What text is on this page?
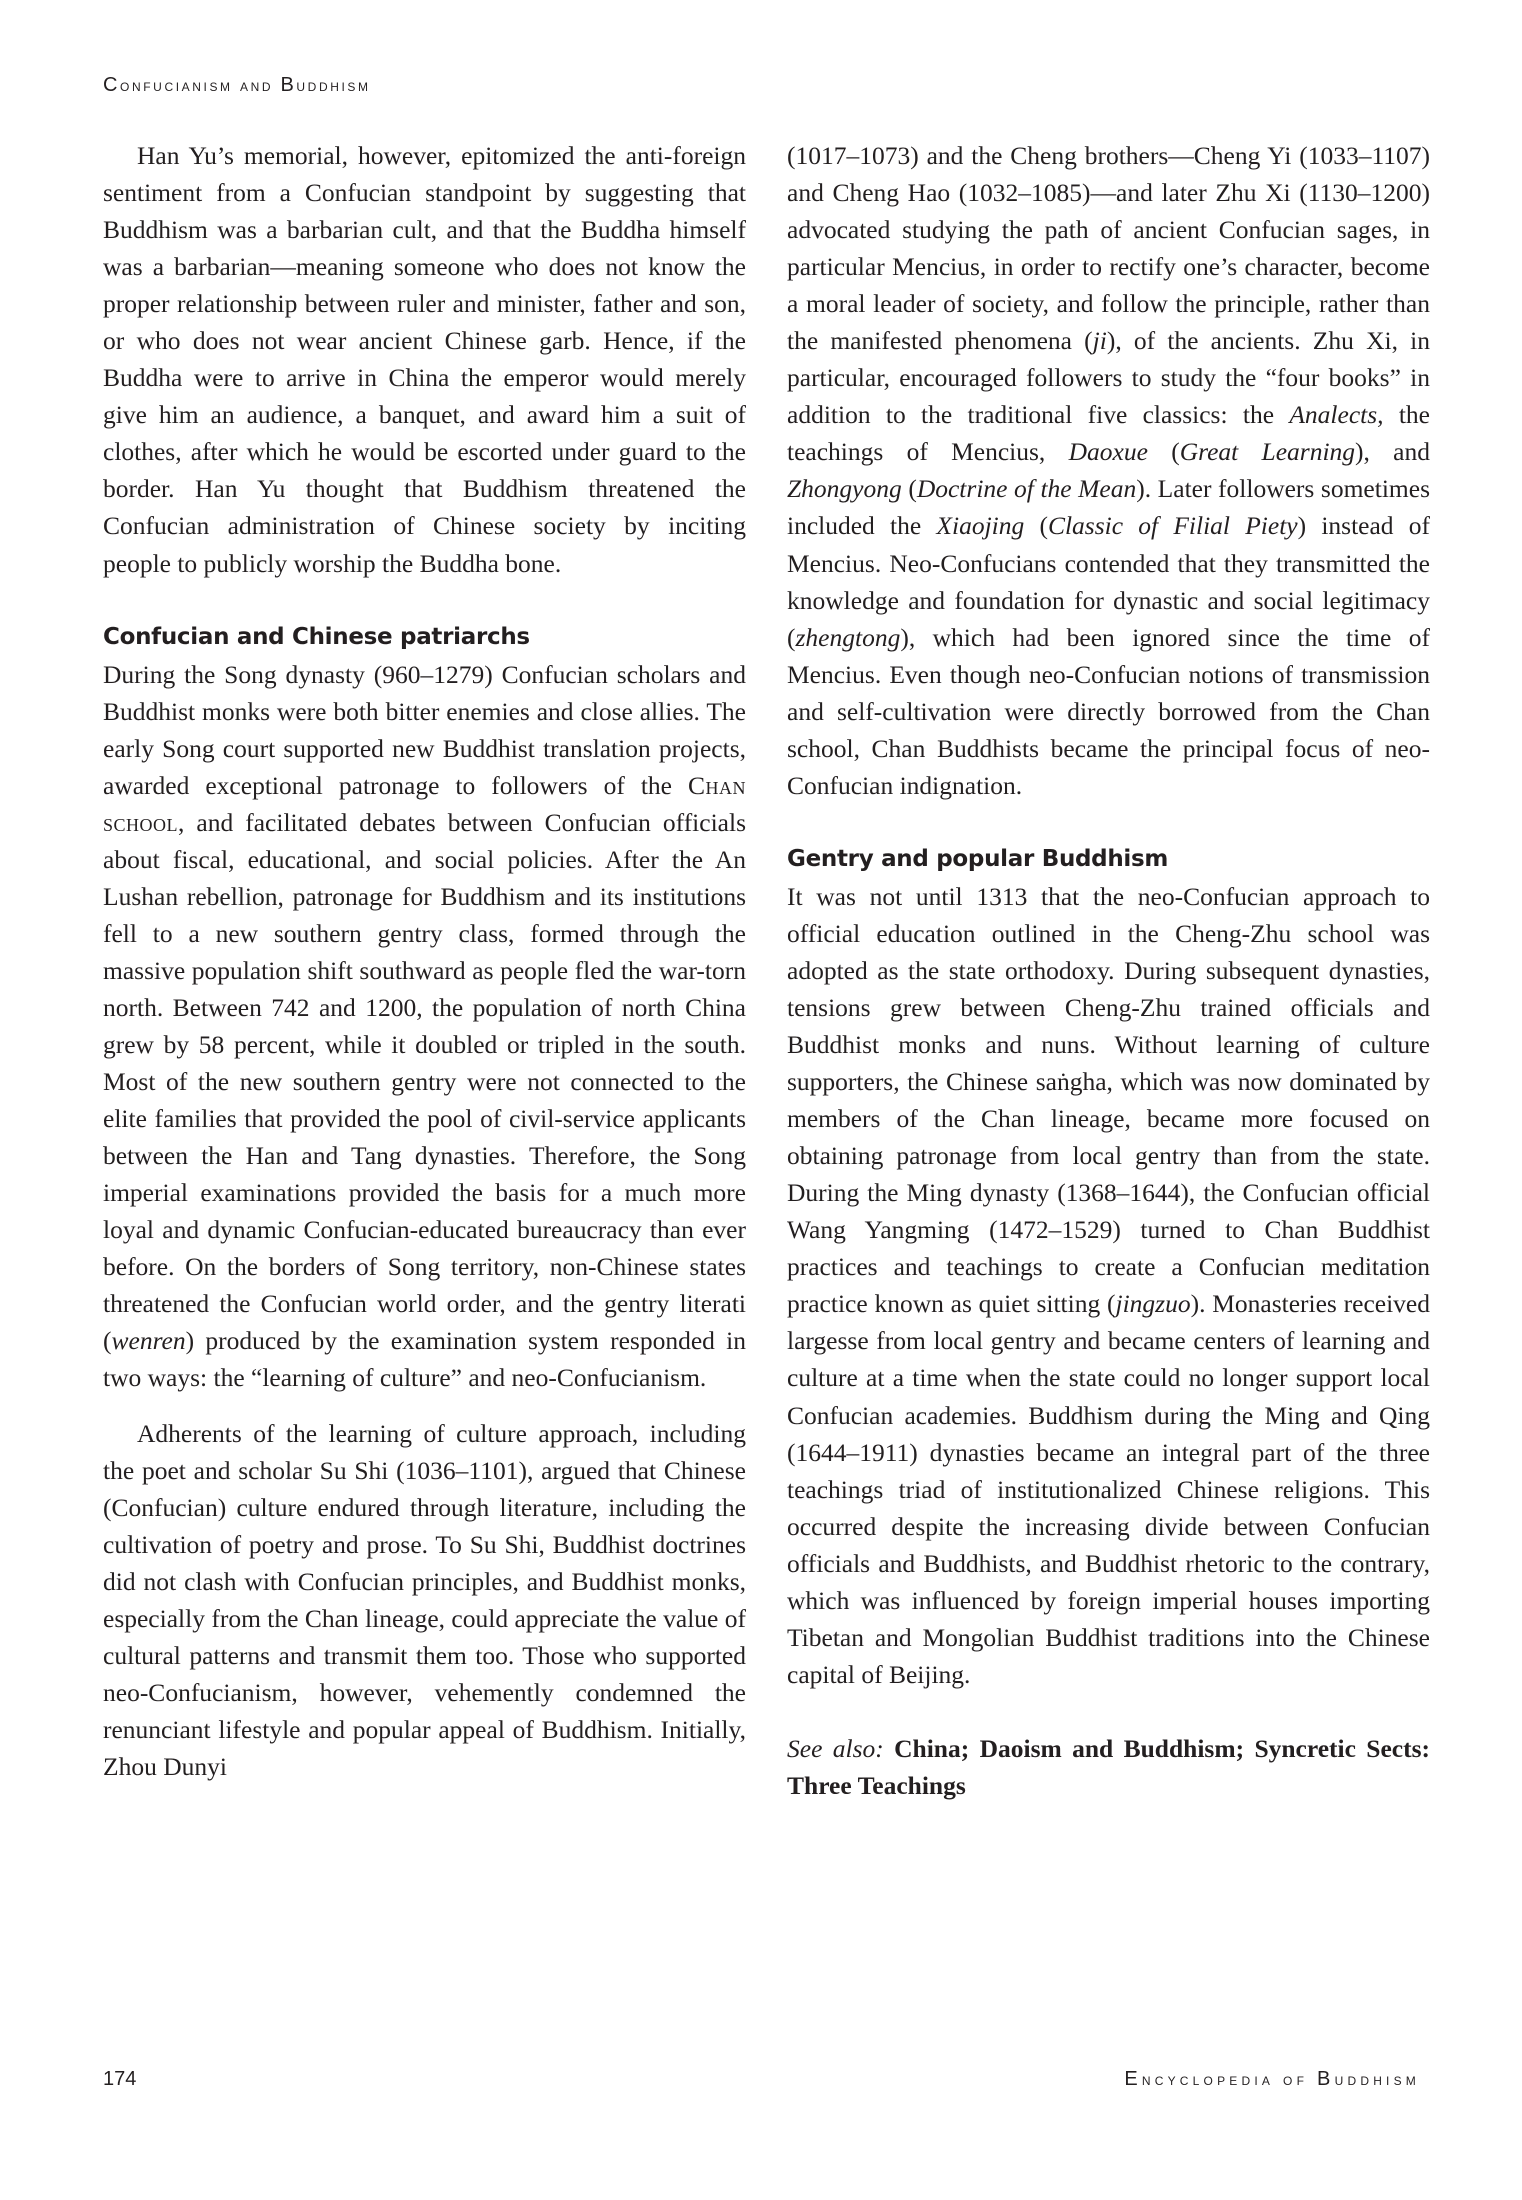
Confucianism and Buddhism

Han Yu’s memorial, however, epitomized the anti-foreign sentiment from a Confucian standpoint by suggesting that Buddhism was a barbarian cult, and that the Buddha himself was a barbarian—meaning someone who does not know the proper relationship between ruler and minister, father and son, or who does not wear ancient Chinese garb. Hence, if the Buddha were to arrive in China the emperor would merely give him an audience, a banquet, and award him a suit of clothes, after which he would be escorted under guard to the border. Han Yu thought that Buddhism threatened the Confucian administration of Chinese society by inciting people to publicly worship the Buddha bone.

Confucian and Chinese patriarchs

During the Song dynasty (960–1279) Confucian scholars and Buddhist monks were both bitter enemies and close allies. The early Song court supported new Buddhist translation projects, awarded exceptional patronage to followers of the Chan school, and facilitated debates between Confucian officials about fiscal, educational, and social policies. After the An Lushan rebellion, patronage for Buddhism and its institutions fell to a new southern gentry class, formed through the massive population shift southward as people fled the war-torn north. Between 742 and 1200, the population of north China grew by 58 percent, while it doubled or tripled in the south. Most of the new southern gentry were not connected to the elite families that provided the pool of civil-service applicants between the Han and Tang dynasties. Therefore, the Song imperial examinations provided the basis for a much more loyal and dynamic Confucian-educated bureaucracy than ever before. On the borders of Song territory, non-Chinese states threatened the Confucian world order, and the gentry literati (wenren) produced by the examination system responded in two ways: the “learning of culture” and neo-Confucianism.

Adherents of the learning of culture approach, including the poet and scholar Su Shi (1036–1101), argued that Chinese (Confucian) culture endured through literature, including the cultivation of poetry and prose. To Su Shi, Buddhist doctrines did not clash with Confucian principles, and Buddhist monks, especially from the Chan lineage, could appreciate the value of cultural patterns and transmit them too. Those who supported neo-Confucianism, however, vehemently condemned the renunciant lifestyle and popular appeal of Buddhism. Initially, Zhou Dunyi

(1017–1073) and the Cheng brothers—Cheng Yi (1033–1107) and Cheng Hao (1032–1085)—and later Zhu Xi (1130–1200) advocated studying the path of ancient Confucian sages, in particular Mencius, in order to rectify one’s character, become a moral leader of society, and follow the principle, rather than the manifested phenomena (ji), of the ancients. Zhu Xi, in particular, encouraged followers to study the “four books” in addition to the traditional five classics: the Analects, the teachings of Mencius, Daoxue (Great Learning), and Zhongyong (Doctrine of the Mean). Later followers sometimes included the Xiaojing (Classic of Filial Piety) instead of Mencius. Neo-Confucians contended that they transmitted the knowledge and foundation for dynastic and social legitimacy (zhengtong), which had been ignored since the time of Mencius. Even though neo-Confucian notions of transmission and self-cultivation were directly borrowed from the Chan school, Chan Buddhists became the principal focus of neo-Confucian indignation.

Gentry and popular Buddhism

It was not until 1313 that the neo-Confucian approach to official education outlined in the Cheng-Zhu school was adopted as the state orthodoxy. During subsequent dynasties, tensions grew between Cheng-Zhu trained officials and Buddhist monks and nuns. Without learning of culture supporters, the Chinese saṅgha, which was now dominated by members of the Chan lineage, became more focused on obtaining patronage from local gentry than from the state. During the Ming dynasty (1368–1644), the Confucian official Wang Yangming (1472–1529) turned to Chan Buddhist practices and teachings to create a Confucian meditation practice known as quiet sitting (jingzuo). Monasteries received largesse from local gentry and became centers of learning and culture at a time when the state could no longer support local Confucian academies. Buddhism during the Ming and Qing (1644–1911) dynasties became an integral part of the three teachings triad of institutionalized Chinese religions. This occurred despite the increasing divide between Confucian officials and Buddhists, and Buddhist rhetoric to the contrary, which was influenced by foreign imperial houses importing Tibetan and Mongolian Buddhist traditions into the Chinese capital of Beijing.

See also: China; Daoism and Buddhism; Syncretic Sects: Three Teachings

174	Encyclopedia of Buddhism
